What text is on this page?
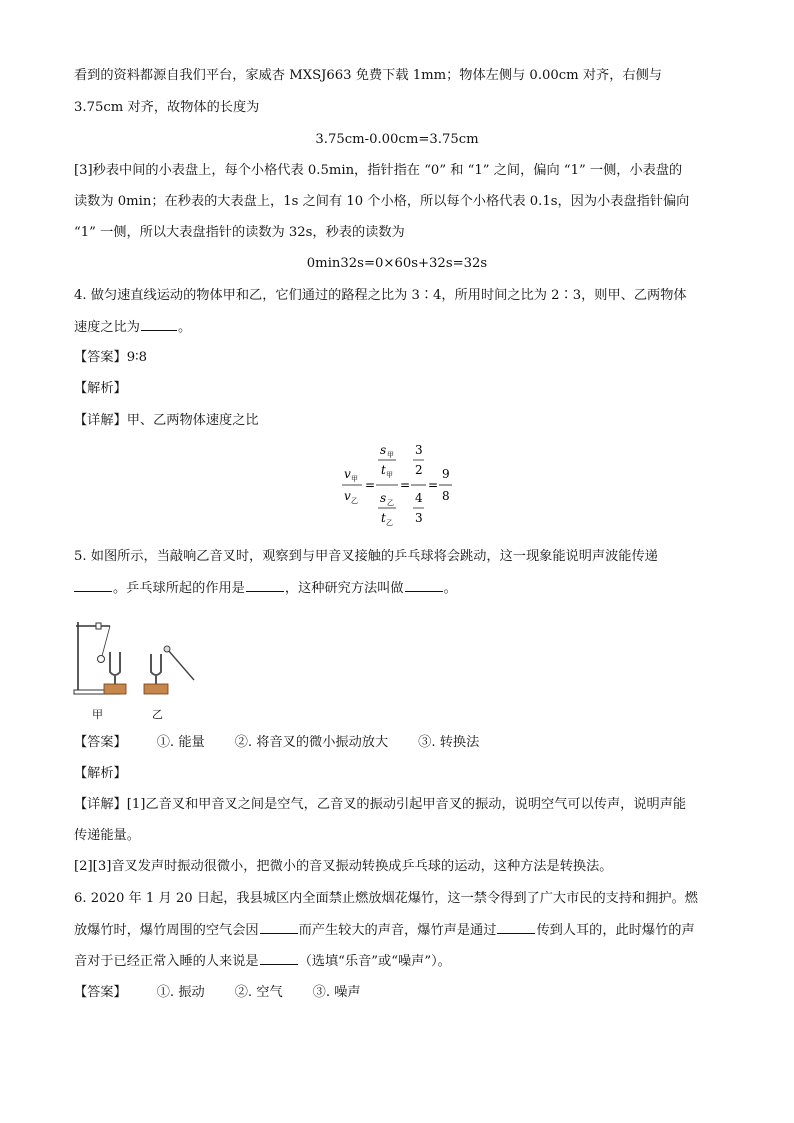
看到的资料都源自我们平台，家威杏 MXSJ663 免费下载 1mm；物体左侧与 0.00cm 对齐，右侧与
3.75cm 对齐，故物体的长度为
3.75cm-0.00cm=3.75cm
[3]秒表中间的小表盘上，每个小格代表 0.5min，指针指在 “0” 和 “1” 之间，偏向 “1” 一侧，小表盘的
读数为 0min；在秒表的大表盘上，1s 之间有 10 个小格，所以每个小格代表 0.1s，因为小表盘指针偏向
“1” 一侧，所以大表盘指针的读数为 32s，秒表的读数为
0min32s=0×60s+32s=32s
4. 做匀速直线运动的物体甲和乙，它们通过的路程之比为 3∶4，所用时间之比为 2∶3，则甲、乙两物体
速度之比为	。
【答案】9∶8
【解析】
【详解】甲、乙两物体速度之比
v 甲
v 乙
=
s 甲
t 甲
s 乙
t 乙
=
3
2
4
3
=
9
8
5. 如图所示，当敲响乙音叉时，观察到与甲音叉接触的乒乓球将会跳动，这一现象能说明声波能传递
。乒乓球所起的作用是	，这种研究方法叫做	。
甲	乙
【答案】 ①. 能量 ②. 将音叉的微小振动放大 ③. 转换法
【解析】
【详解】[1]乙音叉和甲音叉之间是空气，乙音叉的振动引起甲音叉的振动，说明空气可以传声，说明声能
传递能量。
[2][3]音叉发声时振动很微小，把微小的音叉振动转换成乒乓球的运动，这种方法是转换法。
6. 2020 年 1 月 20 日起，我县城区内全面禁止燃放烟花爆竹，这一禁令得到了广大市民的支持和拥护。燃
放爆竹时，爆竹周围的空气会因	而产生较大的声音，爆竹声是通过	传到人耳的，此时爆竹的声
音对于已经正常入睡的人来说是	（选填“乐音”或“噪声”）。
【答案】 ①. 振动 ②. 空气 ③. 噪声
